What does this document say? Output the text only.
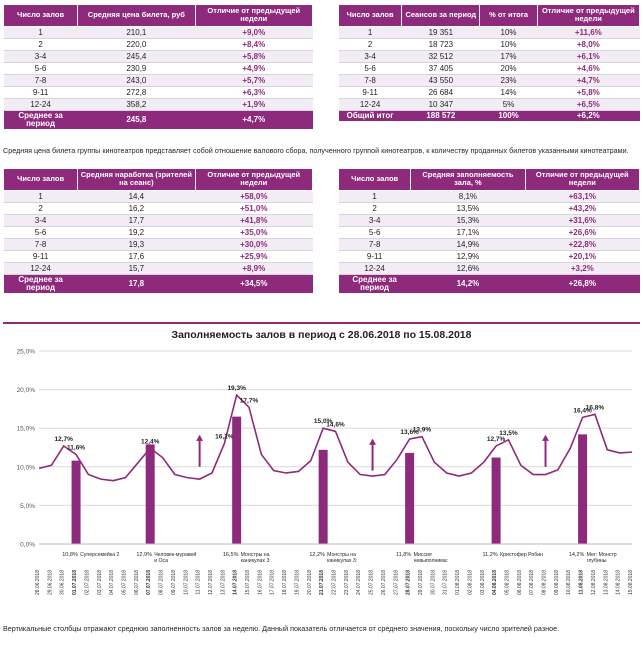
Число залов	Средняя цена билета, руб	Отличие от предыдущей недели
1	210,1	+9,0%
2	220,0	+8,4%
3-4	245,4	+5,8%
5-6	230,9	+4,9%
7-8	243,0	+5,7%
9-11	272,8	+6,3%
12-24	358,2	+1,9%
Среднее за период	245,8	+4,7%
Число залов	Сеансов за период	% от итога	Отличие от предыдущей недели
1	19 351	10%	+11,6%
2	18 723	10%	+8,0%
3-4	32 512	17%	+6,1%
5-6	37 405	20%	+4,6%
7-8	43 550	23%	+4,7%
9-11	26 684	14%	+5,8%
12-24	10 347	5%	+6,5%
Общий итог	188 572	100%	+6,2%
Средняя цена билета группы кинотеатров представляет собой отношение валового сбора, полученного группой кинотеатров, к количеству проданных билетов указанными кинотеатрами.
Число залов	Средняя наработка (зрителей на сеанс)	Отличие от предыдущей недели
1	14,4	+58,0%
2	16,2	+51,0%
3-4	17,7	+41,8%
5-6	19,2	+35,0%
7-8	19,3	+30,0%
9-11	17,6	+25,9%
12-24	15,7	+8,9%
Среднее за период	17,8	+34,5%
Число залов	Средняя заполняемость зала, %	Отличие от предыдущей недели
1	8,1%	+63,1%
2	13,5%	+43,2%
3-4	15,3%	+31,6%
5-6	17,1%	+26,6%
7-8	14,9%	+22,8%
9-11	12,9%	+20,1%
12-24	12,6%	+3,2%
Среднее за период	14,2%	+26,8%
Заполняемость залов в период с 28.06.2018 по 15.08.2018
0,0%
5,0%
10,0%
15,0%
20,0%
25,0%
10,8% Суперсемейка 2	12,9% Человек-муравей
и Оса
16,5% Монстры на
каникулах 3:
12,2% Монстры на
каникулах 3:
11,8% Миссия
невыполнима:
11,2% Кристофер Робин	14,2% Мег: Монстр
глубины
12,7%
11,6%
12,4%
16,2%
19,3%
17,7%
15,0%
14,6%
13,6%
13,9%
12,7%
13,5%
16,4%
16,8%
28.06.2018 29.06.2018 30.06.2018 01.07.2018 02.07.2018 03.07.2018 04.07.2018 05.07.2018 06.07.2018 07.07.2018 08.07.2018 09.07.2018 10.07.2018 11.07.2018 12.07.2018 13.07.2018 14.07.2018 15.07.2018 16.07.2018 17.07.2018 18.07.2018 19.07.2018 20.07.2018 21.07.2018 22.07.2018 23.07.2018 24.07.2018 25.07.2018 26.07.2018 27.07.2018 28.07.2018 29.07.2018 30.07.2018 31.07.2018 01.08.2018 02.08.2018 03.08.2018 04.08.2018 05.08.2018 06.08.2018 07.08.2018 08.08.2018 09.08.2018 10.08.2018 11.08.2018 12.08.2018 13.08.2018 14.08.2018 15.08.2018
Вертикальные столбцы отражают среднюю заполненность залов за неделю. Данный показатель отличается от среднего значения, поскольку число зрителей разное.
